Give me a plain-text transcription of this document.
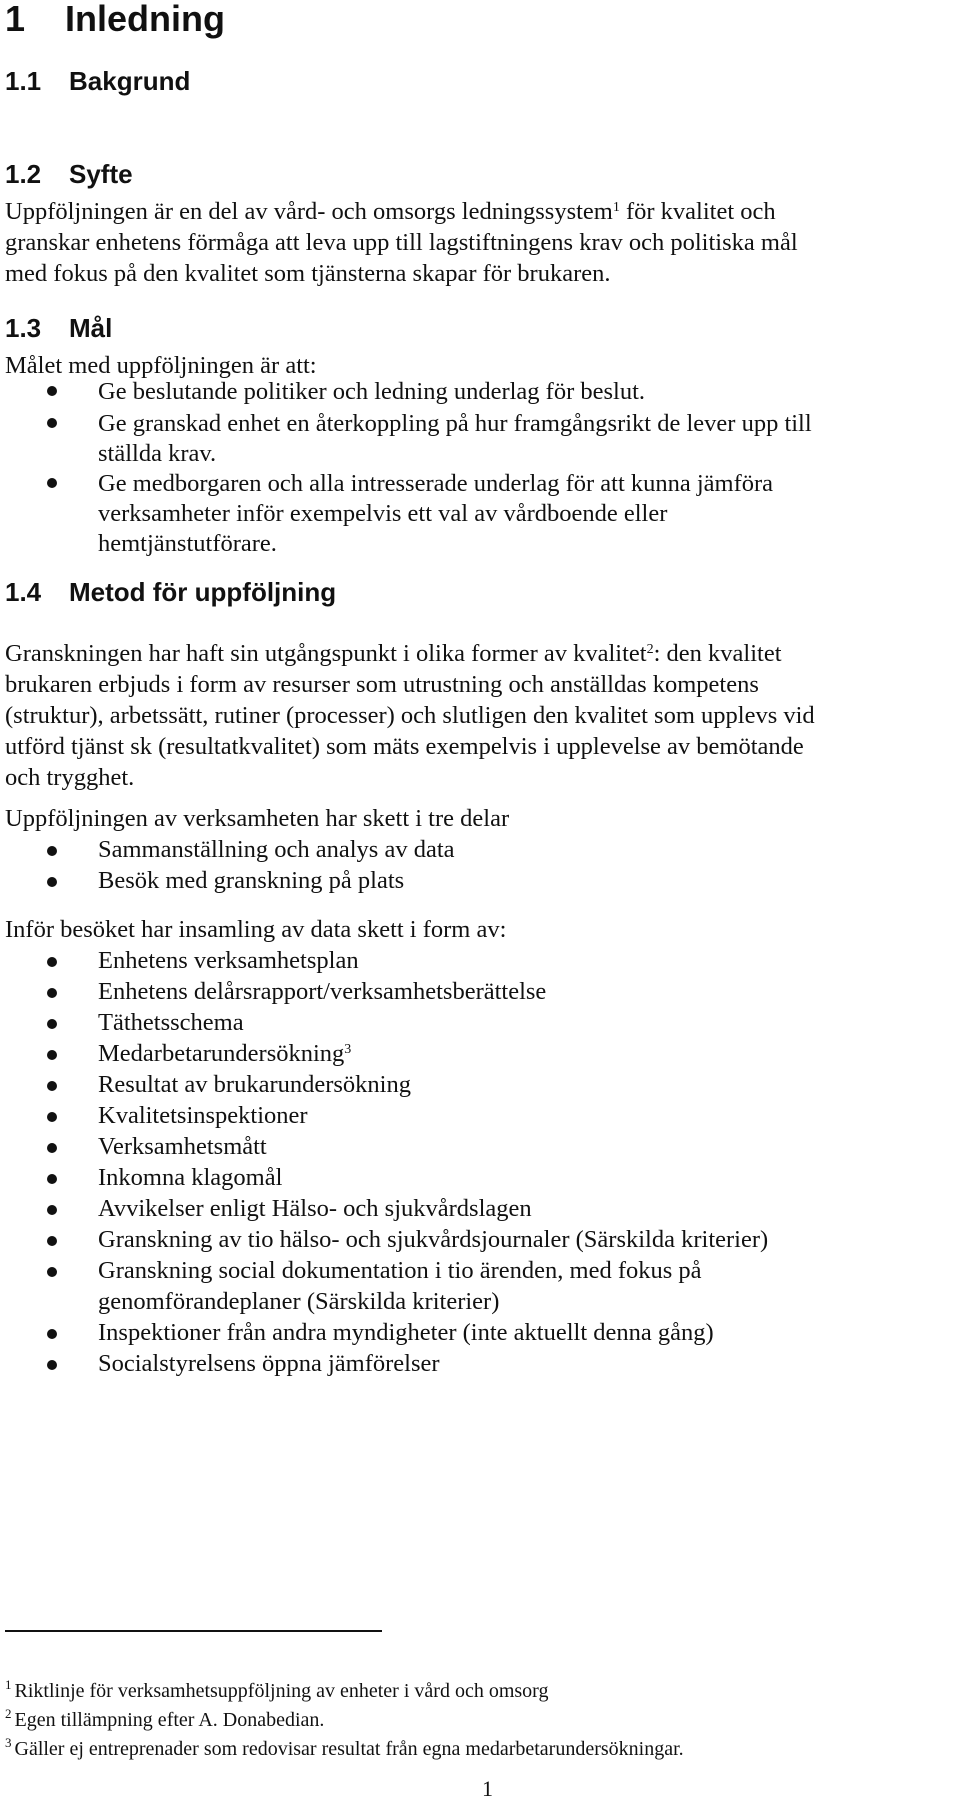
1 Inledning
1.1 Bakgrund
1.2 Syfte
Uppföljningen är en del av vård- och omsorgs ledningssystem$^1$ för kvalitet och
granskar enhetens förmåga att leva upp till lagstiftningens krav och politiska mål
med fokus på den kvalitet som tjänsterna skapar för brukaren.
1.3 Mål
Målet med uppföljningen är att:
Ge beslutande politiker och ledning underlag för beslut.
Ge granskad enhet en återkoppling på hur framgångsrikt de lever upp till
ställda krav.
Ge medborgaren och alla intresserade underlag för att kunna jämföra
verksamheter inför exempelvis ett val av vårdboende eller
hemtjänstutförare.
1.4 Metod för uppföljning
Granskningen har haft sin utgångspunkt i olika former av kvalitet$^2$: den kvalitet
brukaren erbjuds i form av resurser som utrustning och anställdas kompetens
(struktur), arbetssätt, rutiner (processer) och slutligen den kvalitet som upplevs vid
utförd tjänst sk (resultatkvalitet) som mäts exempelvis i upplevelse av bemötande
och trygghet.
Uppföljningen av verksamheten har skett i tre delar
Sammanställning och analys av data
Besök med granskning på plats
Inför besöket har insamling av data skett i form av:
Enhetens verksamhetsplan
Enhetens delårsrapport/verksamhetsberättelse
Täthetsschema
Medarbetarundersökning$^3$
Resultat av brukarundersökning
Kvalitetsinspektioner
Verksamhetsmått
Inkomna klagomål
Avvikelser enligt Hälso- och sjukvårdslagen
Granskning av tio hälso- och sjukvårdsjournaler (Särskilda kriterier)
Granskning social dokumentation i tio ärenden, med fokus på
genomförandeplaner (Särskilda kriterier)
Inspektioner från andra myndigheter (inte aktuellt denna gång)
Socialstyrelsens öppna jämförelser
$^1$ Riktlinje för verksamhetsuppföljning av enheter i vård och omsorg
$^2$ Egen tillämpning efter A. Donabedian.
$^3$ Gäller ej entreprenader som redovisar resultat från egna medarbetarundersökningar.
1
